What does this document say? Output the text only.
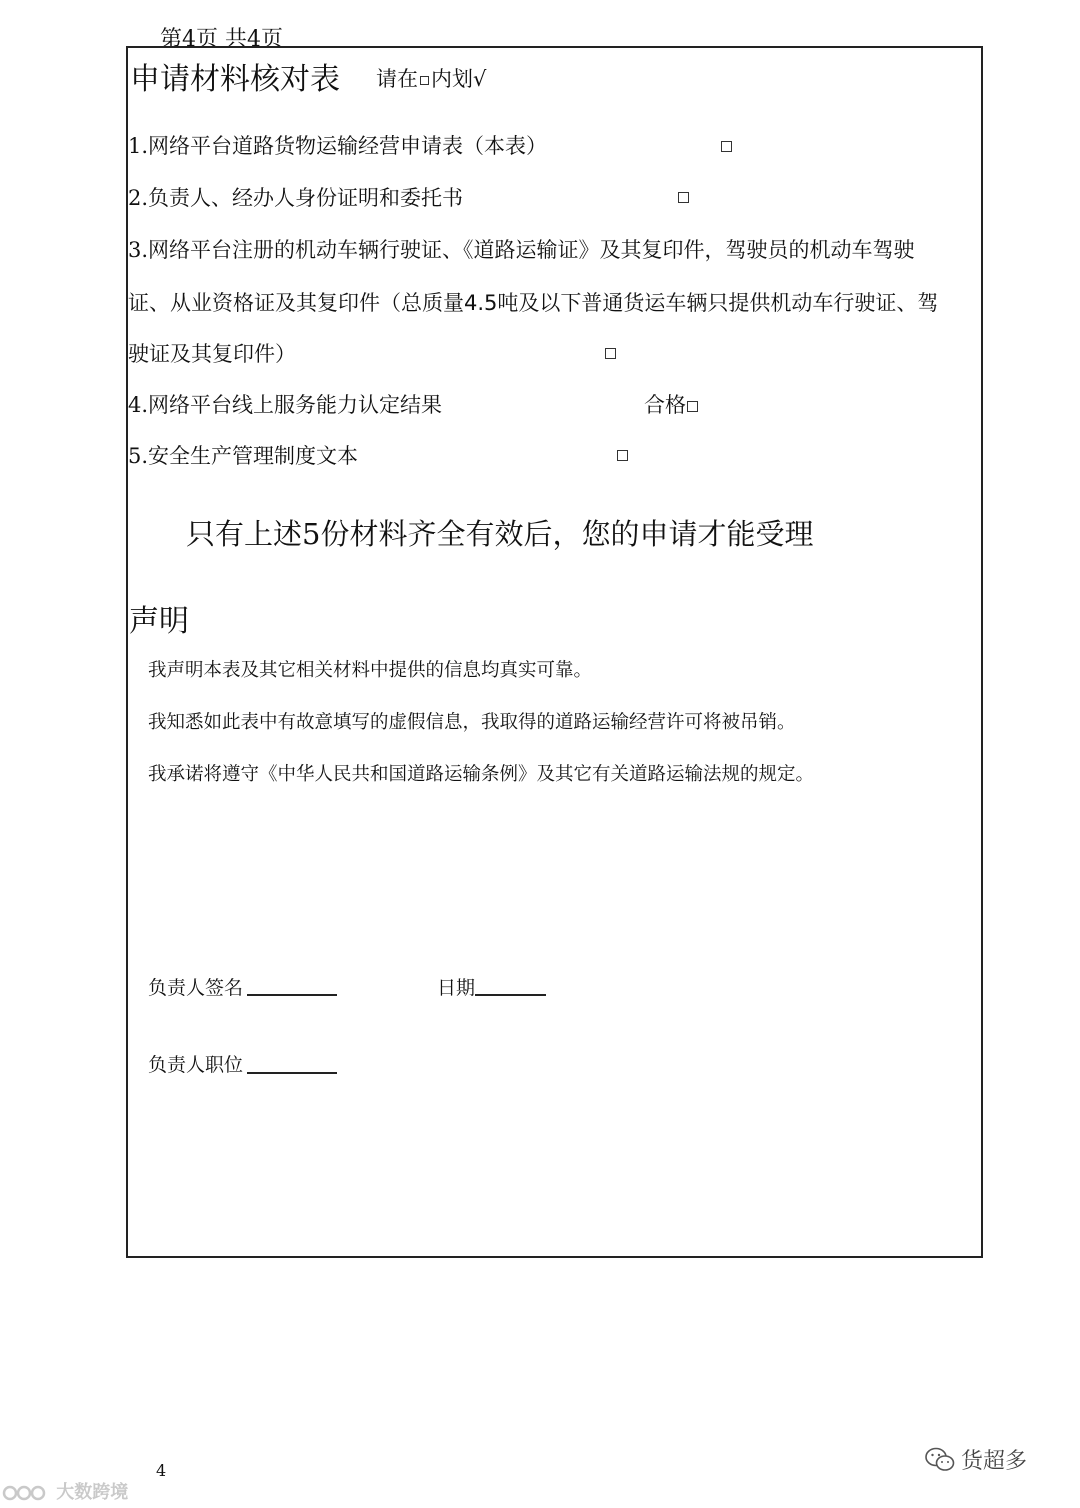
第4页 共4页
申请材料核对表 请在 内划√
1.网络平台道路货物运输经营申请表（本表）
2.负责人、经办人身份证明和委托书
3.网络平台注册的机动车辆行驶证、《道路运输证》及其复印件，驾驶员的机动车驾驶
证、从业资格证及其复印件（总质量4.5吨及以下普通货运车辆只提供机动车行驶证、驾
驶证及其复印件）
4.网络平台线上服务能力认定结果	合格
5.安全生产管理制度文本
只有上述5份材料齐全有效后，您的申请才能受理
声明
我声明本表及其它相关材料中提供的信息均真实可靠。
我知悉如此表中有故意填写的虚假信息，我取得的道路运输经营许可将被吊销。
我承诺将遵守《中华人民共和国道路运输条例》及其它有关道路运输法规的规定。
负责人签名	日期
负责人职位
4
大数跨境
货超多
